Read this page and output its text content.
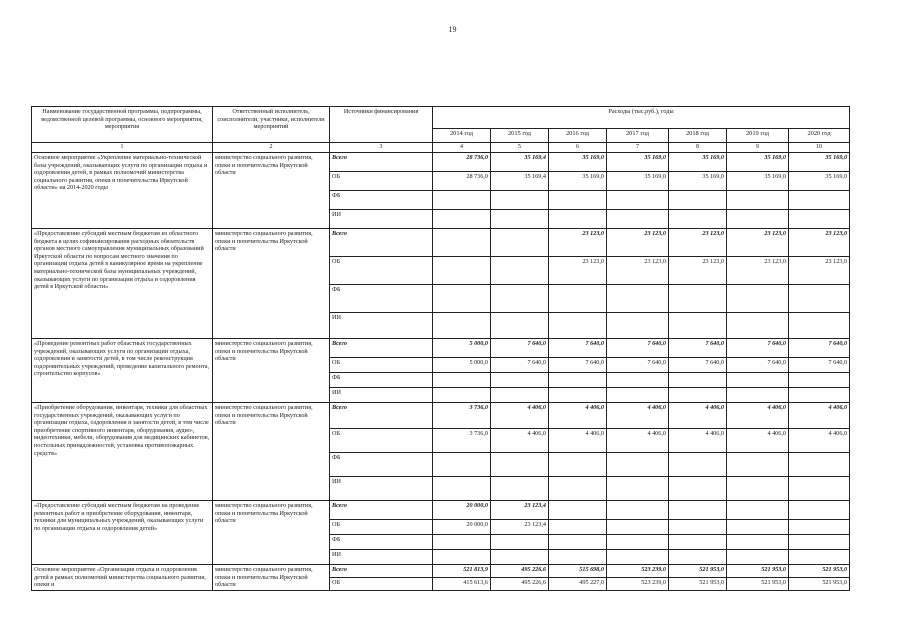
19
Наименование государственной программы, подпрограммы, ведомственной целевой программы, основного мероприятия, мероприятия	Ответственный исполнитель, соисполнители, участники, исполнители мероприятий	Источники финансирования	Расходы (тыс.руб.), годы						
			2014 год	2015 год	2016 год	2017 год	2018 год	2019 год	2020 год
1	2	3	4	5	6	7	8	9	10
Основное мероприятие «Укрепление материально-технической базы учреждений, оказывающих услуги по организации отдыха и оздоровления детей, в рамках полномочий министерства социального развития, опеки и попечительства Иркутской области» на 2014-2020 годы	министерство социального развития, опеки и попечительства Иркутской области	Всего	28 736,0	35 169,4	35 169,0	35 169,0	35 169,0	35 169,0	35 169,0
		ОБ	28 736,0	35 169,4	35 169,0	35 169,0	35 169,0	35 169,0	35 169,0
		ФБ							
		ИИ							
«Предоставление субсидий местным бюджетам из областного бюджета в целях софинансирования расходных обязательств органов местного самоуправления муниципальных образований Иркутской области по вопросам местного значения по организации отдыха детей в каникулярное время на укрепление материально-технической базы муниципальных учреждений, оказывающих услуги по организации отдыха и оздоровления детей в Иркутской области»	министерство социального развития, опеки и попечительства Иркутской области	Всего			23 123,0	23 123,0	23 123,0	23 123,0	23 123,0
		ОБ			23 123,0	23 123,0	23 123,0	23 123,0	23 123,0
		ФБ							
		ИИ							
«Проведение ремонтных работ областных государственных учреждений, оказывающих услуги по организации отдыха, оздоровления и занятости детей, в том числе реконструкция оздоровительных учреждений, проведение капитального ремонта, строительство корпусов»	министерство социального развития, опеки и попечительства Иркутской области	Всего	5 000,0	7 640,0	7 640,0	7 640,0	7 640,0	7 640,0	7 640,0
		ОБ	5 000,0	7 640,0	7 640,0	7 640,0	7 640,0	7 640,0	7 640,0
		ФБ							
		ИИ							
«Приобретение оборудования, инвентаря, техники для областных государственных учреждений, оказывающих услуги по организации отдыха, оздоровления и занятости детей, в том числе приобретение спортивного инвентаря, оборудования, аудио-, видеотехники, мебели, оборудования для медицинских кабинетов, постельных принадлежностей, установка противопожарных средств»	министерство социального развития, опеки и попечительства Иркутской области	Всего	3 736,0	4 406,0	4 406,0	4 406,0	4 406,0	4 406,0	4 406,0
		ОБ	3 736,0	4 406,0	4 406,0	4 406,0	4 406,0	4 406,0	4 406,0
		ФБ							
		ИИ							
«Предоставление субсидий местным бюджетам на проведение ремонтных работ и приобретение оборудования, инвентаря, техники для муниципальных учреждений, оказывающих услуги по организации отдыха и оздоровления детей»	министерство социального развития, опеки и попечительства Иркутской области	Всего	20 000,0	23 123,4					
		ОБ	20 000,0	23 123,4					
		ФБ							
		ИИ							
Основное мероприятие «Организация отдыха и оздоровления детей в рамках полномочий министерства социального развития, опеки и	министерство социального развития, опеки и попечительства Иркутской области	Всего	521 813,9	495 226,6	515 698,0	523 239,0	521 953,0	521 953,0	521 953,0
		ОБ	415 613,6	495 226,6	495 227,0	523 239,0	521 953,0	521 953,0	521 953,0
